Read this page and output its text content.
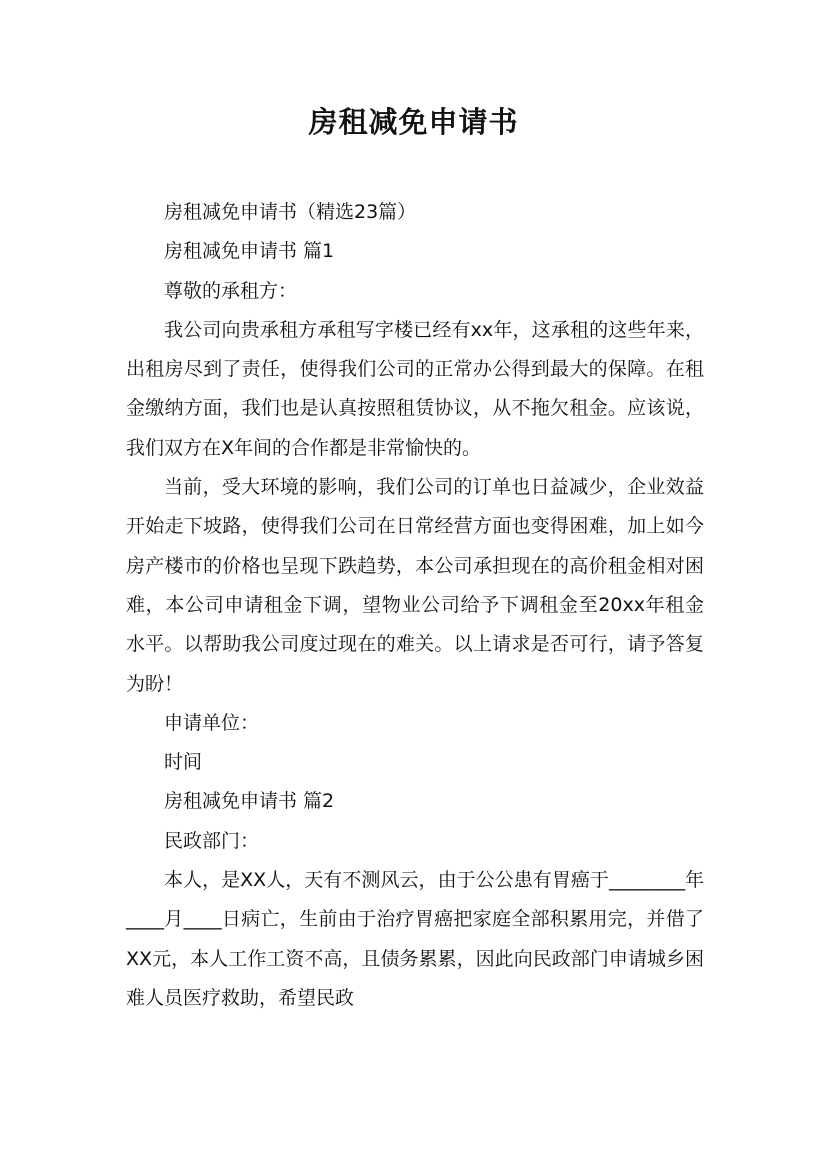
房租减免申请书

房租减免申请书（精选23篇）

房租减免申请书 篇1

尊敬的承租方：

我公司向贵承租方承租写字楼已经有xx年，这承租的这些年来，出租房尽到了责任，使得我们公司的正常办公得到最大的保障。在租金缴纳方面，我们也是认真按照租赁协议，从不拖欠租金。应该说，我们双方在X年间的合作都是非常愉快的。

当前，受大环境的影响，我们公司的订单也日益减少，企业效益开始走下坡路，使得我们公司在日常经营方面也变得困难，加上如今房产楼市的价格也呈现下跌趋势，本公司承担现在的高价租金相对困难，本公司申请租金下调，望物业公司给予下调租金至20xx年租金水平。以帮助我公司度过现在的难关。以上请求是否可行，请予答复为盼！

申请单位：

时间

房租减免申请书 篇2

民政部门：

本人，是XX人，天有不测风云，由于公公患有胃癌于________年____月____日病亡，生前由于治疗胃癌把家庭全部积累用完，并借了XX元，本人工作工资不高，且债务累累，因此向民政部门申请城乡困难人员医疗救助，希望民政
